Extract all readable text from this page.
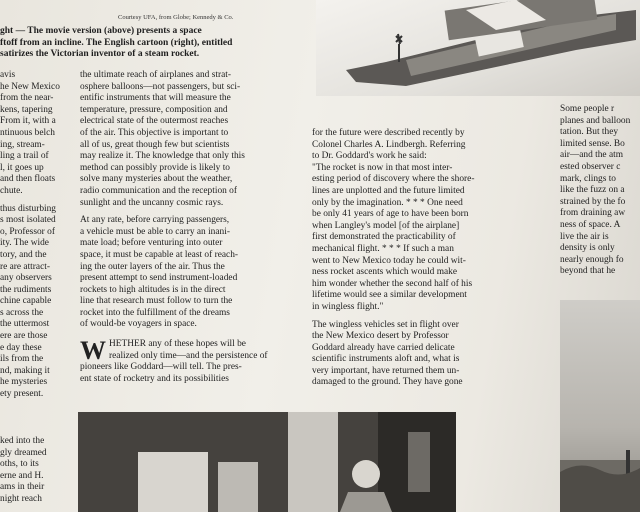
Courtesy UFA, from Globe; Kennedy & Co.
ght — The movie version (above) presents a space
ftoff from an incline. The English cartoon (right), entitled
satirizes the Victorian inventor of a steam rocket.
avis
he New Mexico
from the near-
kens, tapering
From it, with a
ntinuous belch
ing, stream-
ling a trail of
l, it goes up
and then floats
chute.
thus disturbing
s most isolated
o, Professor of
ity. The wide
tory, and the
re are attract-
any observers
the rudiments
chine capable
s across the
the uttermost
ere are those
e day these
ils from the
nd, making it
he mysteries
ety present.
ked into the
gly dreamed
oths, to its
erne and H.
ams in their
night reach
the ultimate reach of airplanes and strat-
osphere balloons—not passengers, but sci-
entific instruments that will measure the
temperature, pressure, composition and
electrical state of the outermost reaches
of the air. This objective is important to
all of us, great though few but scientists
may realize it. The knowledge that only this
method can possibly provide is likely to
solve many mysteries about the weather,
radio communication and the reception of
sunlight and the uncanny cosmic rays.
At any rate, before carrying passengers,
a vehicle must be able to carry an inani-
mate load; before venturing into outer
space, it must be capable at least of reach-
ing the outer layers of the air. Thus the
present attempt to send instrument-loaded
rockets to high altitudes is in the direct
line that research must follow to turn the
rocket into the fulfillment of the dreams
of would-be voyagers in space.
W HETHER any of these hopes will be
realized only time—and the persistence of
pioneers like Goddard—will tell. The pres-
ent state of rocketry and its possibilities
for the future were described recently by
Colonel Charles A. Lindbergh. Referring
to Dr. Goddard's work he said:
"The rocket is now in that most inter-
esting period of discovery where the shore-
lines are unplotted and the future limited
only by the imagination. * * * One need
be only 41 years of age to have been born
when Langley's model [of the airplane]
first demonstrated the practicability of
mechanical flight. * * * If such a man
went to New Mexico today he could wit-
ness rocket ascents which would make
him wonder whether the second half of his
lifetime would see a similar development
in wingless flight."
The wingless vehicles set in flight over
the New Mexico desert by Professor
Goddard already have carried delicate
scientific instruments aloft and, what is
very important, have returned them un-
damaged to the ground. They have gone
Some people r
planes and balloon
tation. But they
limited sense. Bo
air—and the atm
ested observer c
mark, clings to
like the fuzz on a
strained by the fo
from draining aw
ness of space. A
live the air is
density is only
nearly enough fo
beyond that he
